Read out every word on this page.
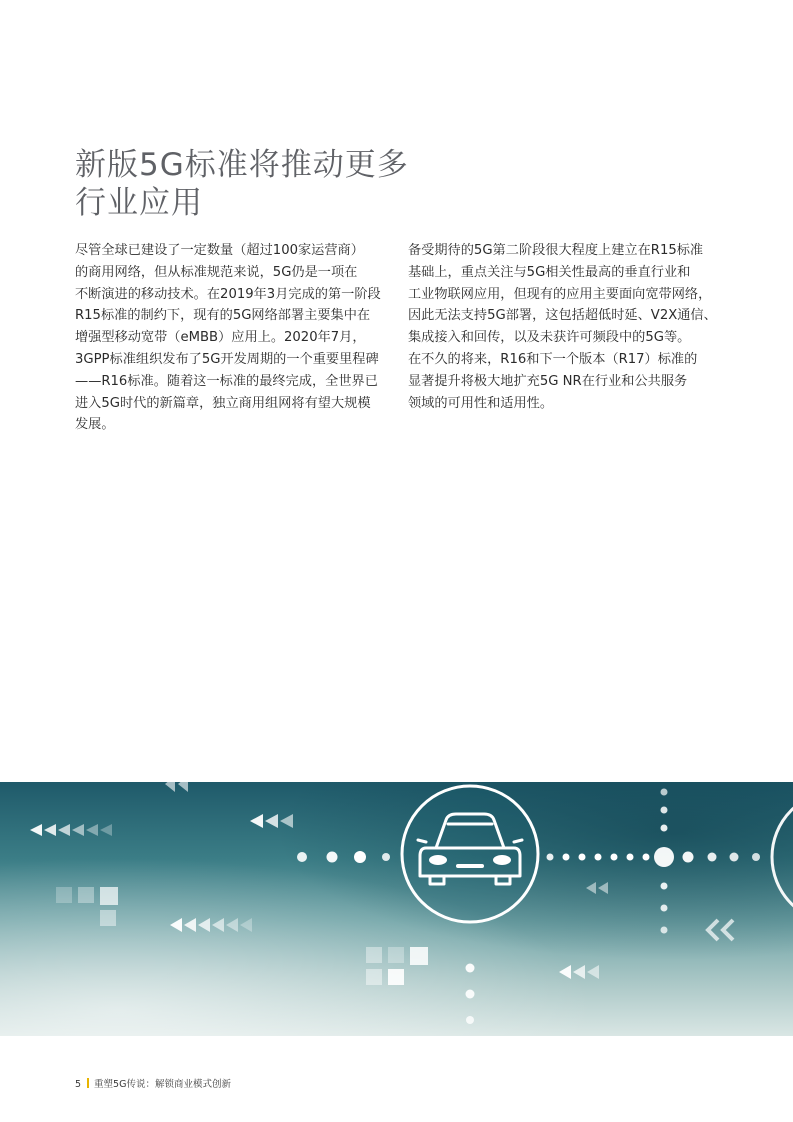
新版5G标准将推动更多
行业应用
尽管全球已建设了一定数量（超过100家运营商）
的商用网络，但从标准规范来说，5G仍是一项在
不断演进的移动技术。在2019年3月完成的第一阶段
R15标准的制约下，现有的5G网络部署主要集中在
增强型移动宽带（eMBB）应用上。2020年7月，
3GPP标准组织发布了5G开发周期的一个重要里程碑
——R16标准。随着这一标准的最终完成，全世界已
进入5G时代的新篇章，独立商用组网将有望大规模
发展。
备受期待的5G第二阶段很大程度上建立在R15标准
基础上，重点关注与5G相关性最高的垂直行业和
工业物联网应用，但现有的应用主要面向宽带网络，
因此无法支持5G部署，这包括超低时延、V2X通信、
集成接入和回传，以及未获许可频段中的5G等。
在不久的将来，R16和下一个版本（R17）标准的
显著提升将极大地扩充5G NR在行业和公共服务
领域的可用性和适用性。
5 重塑5G传说：解锁商业模式创新
